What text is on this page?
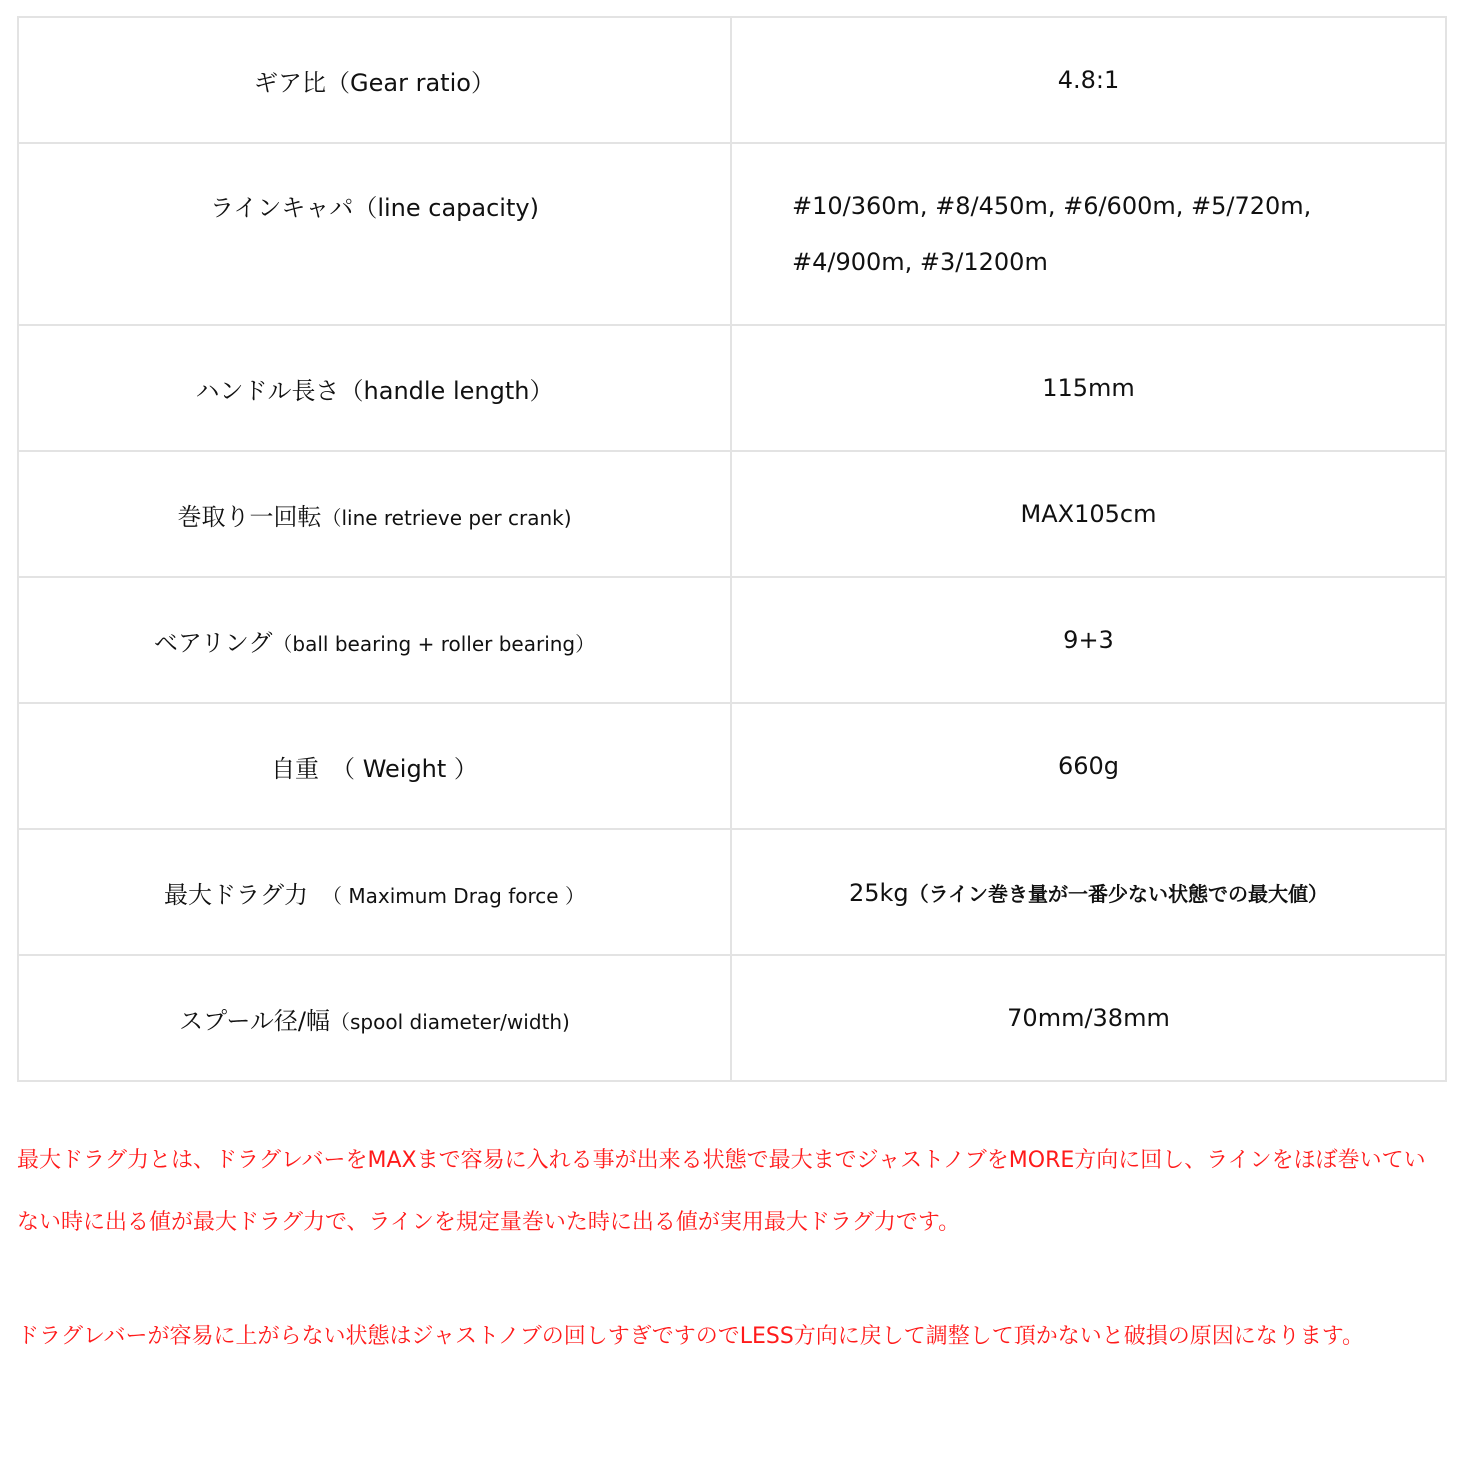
ギア比（Gear ratio）	4.8:1
ラインキャパ（line capacity)	#10/360m, #8/450m, #6/600m, #5/720m, #4/900m, #3/1200m
ハンドル長さ（handle length）	115mm
巻取り一回転（line retrieve per crank)	MAX105cm
ベアリング（ball bearing + roller bearing）	9+3
自重　（ Weight ）	660g
最大ドラグ力　（ Maximum Drag force ）	25kg（ライン巻き量が一番少ない状態での最大値）
スプール径/幅（spool diameter/width)	70mm/38mm

最大ドラグ力とは、ドラグレバーをMAXまで容易に入れる事が出来る状態で最大までジャストノブをMORE方向に回し、ラインをほぼ巻いていない時に出る値が最大ドラグ力で、ラインを規定量巻いた時に出る値が実用最大ドラグ力です。

ドラグレバーが容易に上がらない状態はジャストノブの回しすぎですのでLESS方向に戻して調整して頂かないと破損の原因になります。
